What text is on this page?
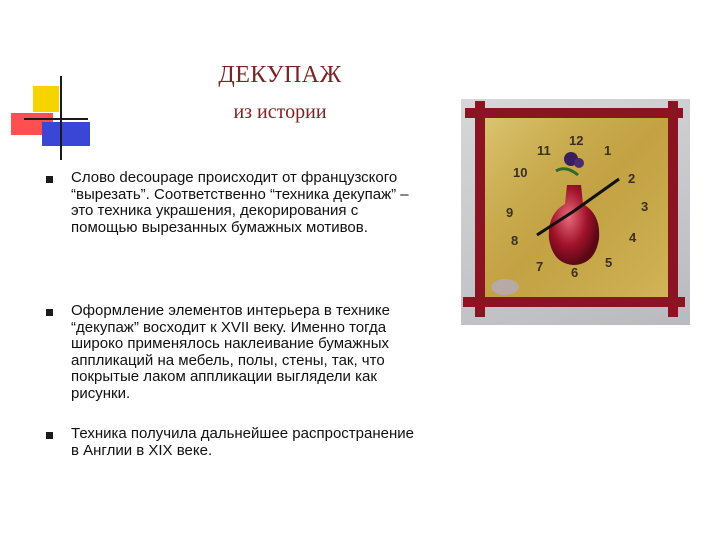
ДЕКУПАЖ
из истории
Слово decoupage происходит от французского “вырезать”. Соответственно “техника декупаж” – это техника украшения, декорирования с помощью вырезанных бумажных мотивов.
Оформление элементов интерьера в технике “декупаж” восходит к XVII веку. Именно тогда широко применялось наклеивание бумажных аппликаций на мебель, полы, стены, так, что покрытые лаком аппликации выглядели как рисунки.
Техника получила дальнейшее распространение в Англии в XIX веке.
12
1
2
3
4
5
6
7
8
9
10
11
